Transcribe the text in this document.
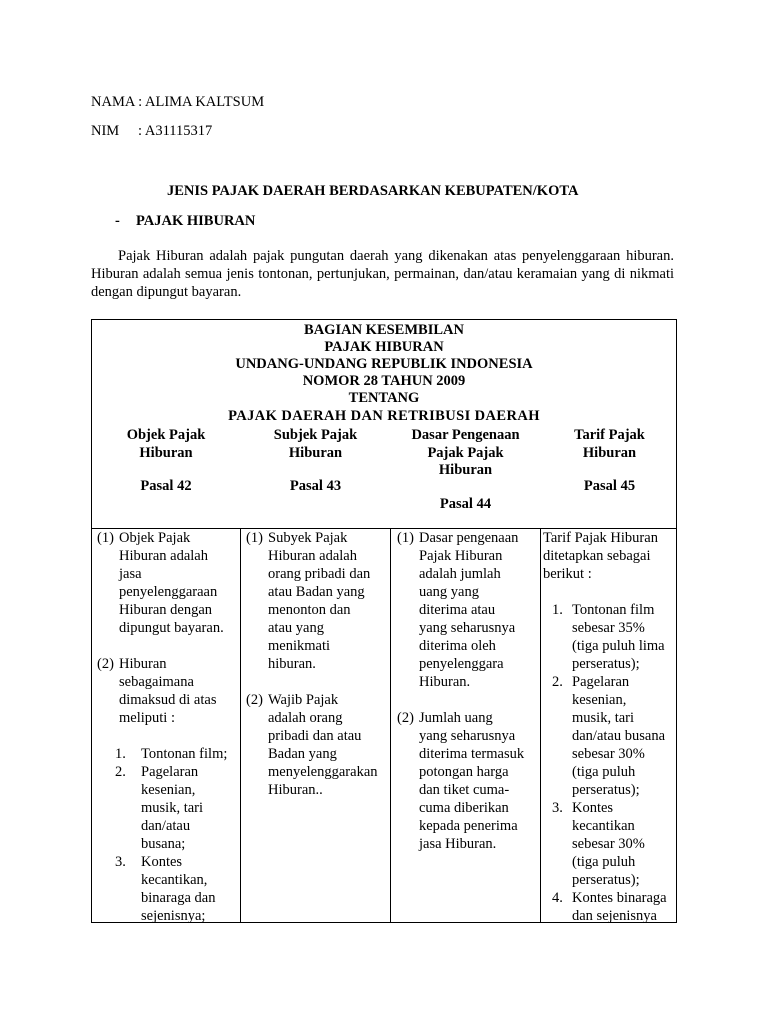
NAMA : ALIMA KALTSUM
NIM : A31115317
JENIS PAJAK DAERAH BERDASARKAN KEBUPATEN/KOTA
- PAJAK HIBURAN
Pajak Hiburan adalah pajak pungutan daerah yang dikenakan atas penyelenggaraan hiburan. Hiburan adalah semua jenis tontonan, pertunjukan, permainan, dan/atau keramaian yang di nikmati dengan dipungut bayaran.
BAGIAN KESEMBILAN
PAJAK HIBURAN
UNDANG-UNDANG REPUBLIK INDONESIA
NOMOR 28 TAHUN 2009
TENTANG
PAJAK DAERAH DAN RETRIBUSI DAERAH
Objek Pajak
Hiburan
Pasal 42
Subjek Pajak
Hiburan
Pasal 43
Dasar Pengenaan
Pajak Pajak
Hiburan
Pasal 44
Tarif Pajak
Hiburan
Pasal 45
(1) Objek Pajak
Hiburan adalah
jasa
penyelenggaraan
Hiburan dengan
dipungut bayaran.
(2) Hiburan
sebagaimana
dimaksud di atas
meliputi :
1. Tontonan film;
2. Pagelaran
kesenian,
musik, tari
dan/atau
busana;
3. Kontes
kecantikan,
binaraga dan
sejenisnya;
(1) Subyek Pajak
Hiburan adalah
orang pribadi dan
atau Badan yang
menonton dan
atau yang
menikmati
hiburan.
(2) Wajib Pajak
adalah orang
pribadi dan atau
Badan yang
menyelenggarakan
Hiburan..
(1) Dasar pengenaan
Pajak Hiburan
adalah jumlah
uang yang
diterima atau
yang seharusnya
diterima oleh
penyelenggara
Hiburan.
(2) Jumlah uang
yang seharusnya
diterima termasuk
potongan harga
dan tiket cuma-
cuma diberikan
kepada penerima
jasa Hiburan.
Tarif Pajak Hiburan
ditetapkan sebagai
berikut :
1. Tontonan film
sebesar 35%
(tiga puluh lima
perseratus);
2. Pagelaran
kesenian,
musik, tari
dan/atau busana
sebesar 30%
(tiga puluh
perseratus);
3. Kontes
kecantikan
sebesar 30%
(tiga puluh
perseratus);
4. Kontes binaraga
dan sejenisnya
